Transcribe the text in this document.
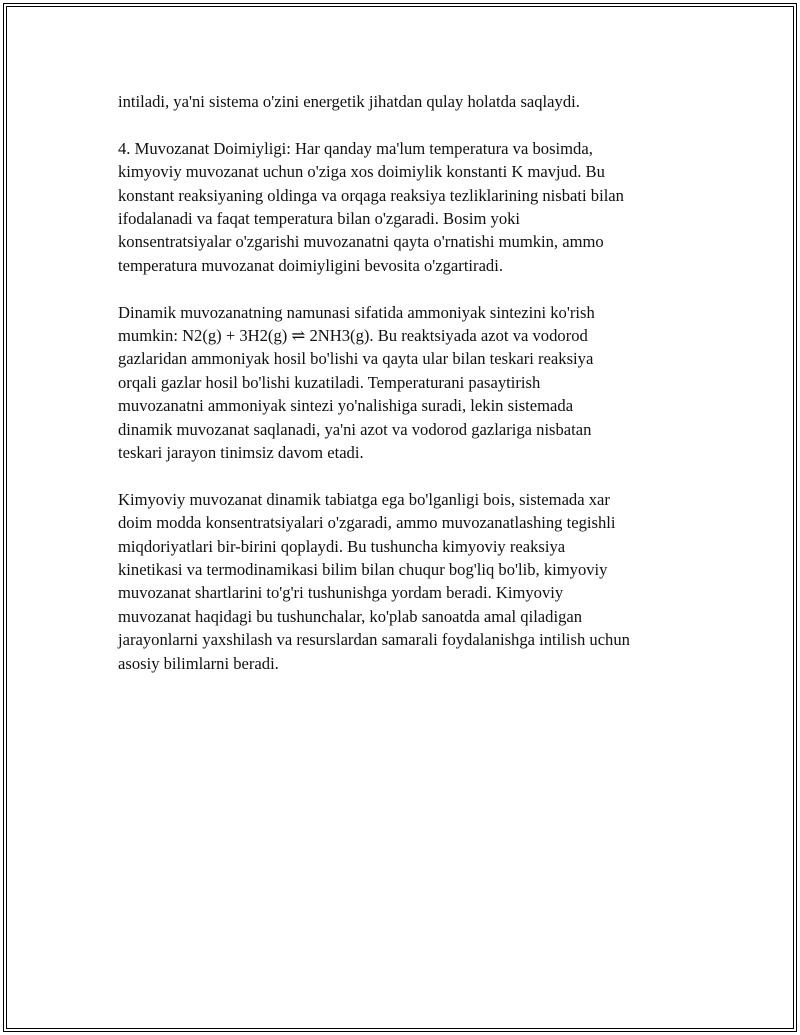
intiladi, ya'ni sistema o'zini energetik jihatdan qulay holatda saqlaydi.

4. Muvozanat Doimiyligi: Har qanday ma'lum temperatura va bosimda,
kimyoviy muvozanat uchun o'ziga xos doimiylik konstanti K mavjud. Bu
konstant reaksiyaning oldinga va orqaga reaksiya tezliklarining nisbati bilan
ifodalanadi va faqat temperatura bilan o'zgaradi. Bosim yoki
konsentratsiyalar o'zgarishi muvozanatni qayta o'rnatishi mumkin, ammo
temperatura muvozanat doimiyligini bevosita o'zgartiradi.

Dinamik muvozanatning namunasi sifatida ammoniyak sintezini ko'rish
mumkin: N2(g) + 3H2(g) ⇌ 2NH3(g). Bu reaktsiyada azot va vodorod
gazlaridan ammoniyak hosil bo'lishi va qayta ular bilan teskari reaksiya
orqali gazlar hosil bo'lishi kuzatiladi. Temperaturani pasaytirish
muvozanatni ammoniyak sintezi yo'nalishiga suradi, lekin sistemada
dinamik muvozanat saqlanadi, ya'ni azot va vodorod gazlariga nisbatan
teskari jarayon tinimsiz davom etadi.

Kimyoviy muvozanat dinamik tabiatga ega bo'lganligi bois, sistemada xar
doim modda konsentratsiyalari o'zgaradi, ammo muvozanatlashing tegishli
miqdoriyatlari bir-birini qoplaydi. Bu tushuncha kimyoviy reaksiya
kinetikasi va termodinamikasi bilim bilan chuqur bog'liq bo'lib, kimyoviy
muvozanat shartlarini to'g'ri tushunishga yordam beradi. Kimyoviy
muvozanat haqidagi bu tushunchalar, ko'plab sanoatda amal qiladigan
jarayonlarni yaxshilash va resurslardan samarali foydalanishga intilish uchun
asosiy bilimlarni beradi.
